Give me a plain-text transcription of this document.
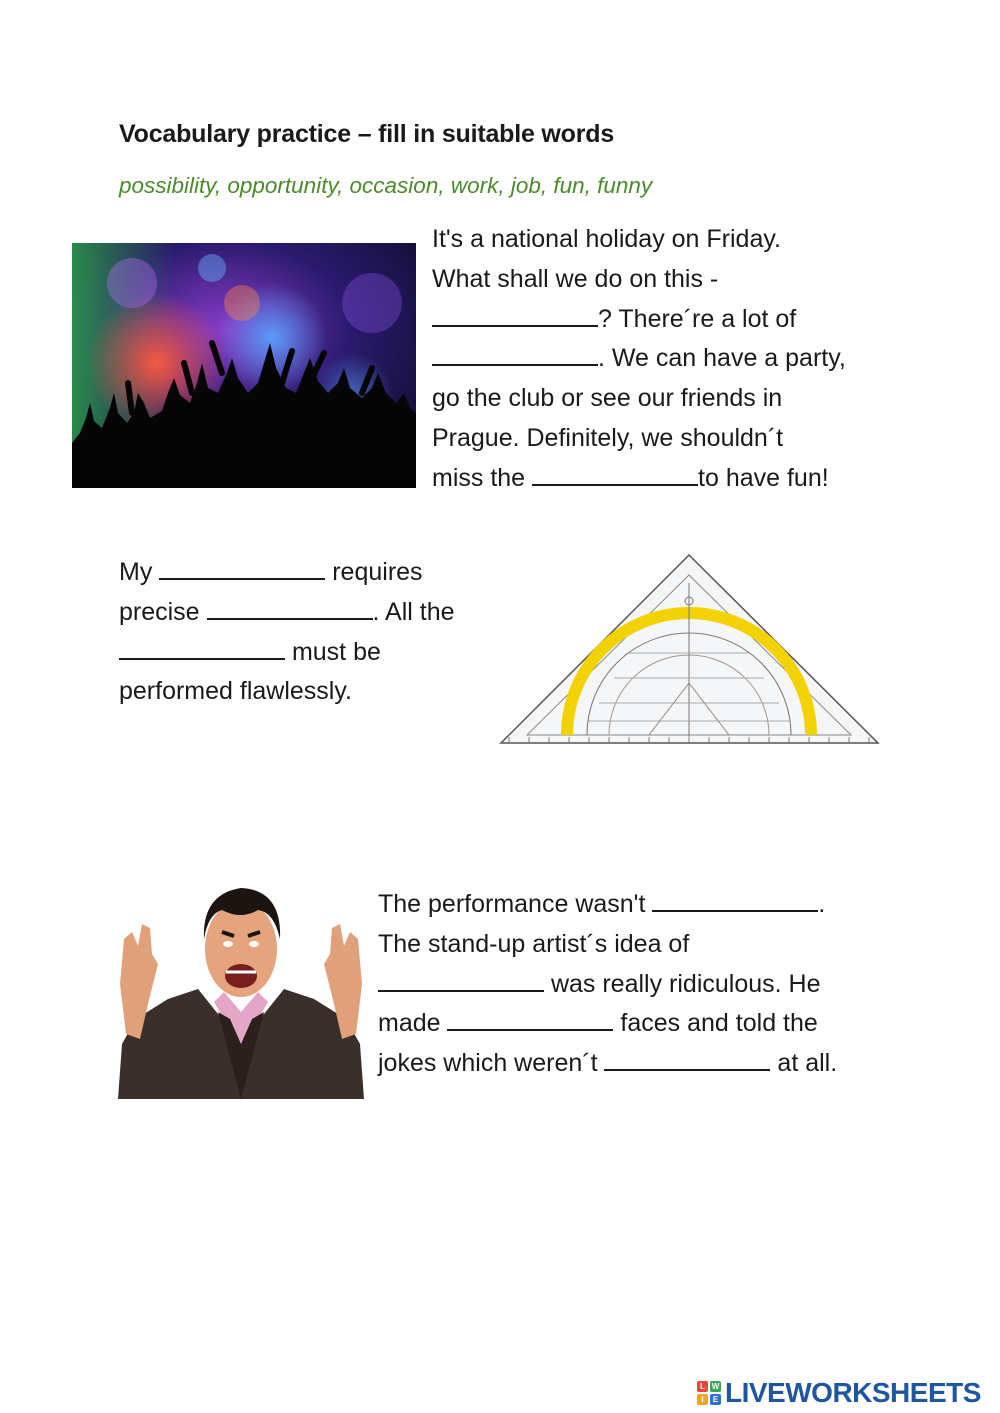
Vocabulary practice – fill in suitable words
possibility, opportunity, occasion, work, job, fun, funny
It's a national holiday on Friday.
What shall we do on this -
? There´re a lot of
. We can have a party,
go the club or see our friends in
Prague. Definitely, we shouldn´t
miss the	to have fun!
My	requires
precise	. All the
must be
performed flawlessly.
The performance wasn't	.
The stand-up artist´s idea of
was really ridiculous. He
made	faces and told the
jokes which weren´t	at all.
L W
I	E LIVEWORKSHEETS
